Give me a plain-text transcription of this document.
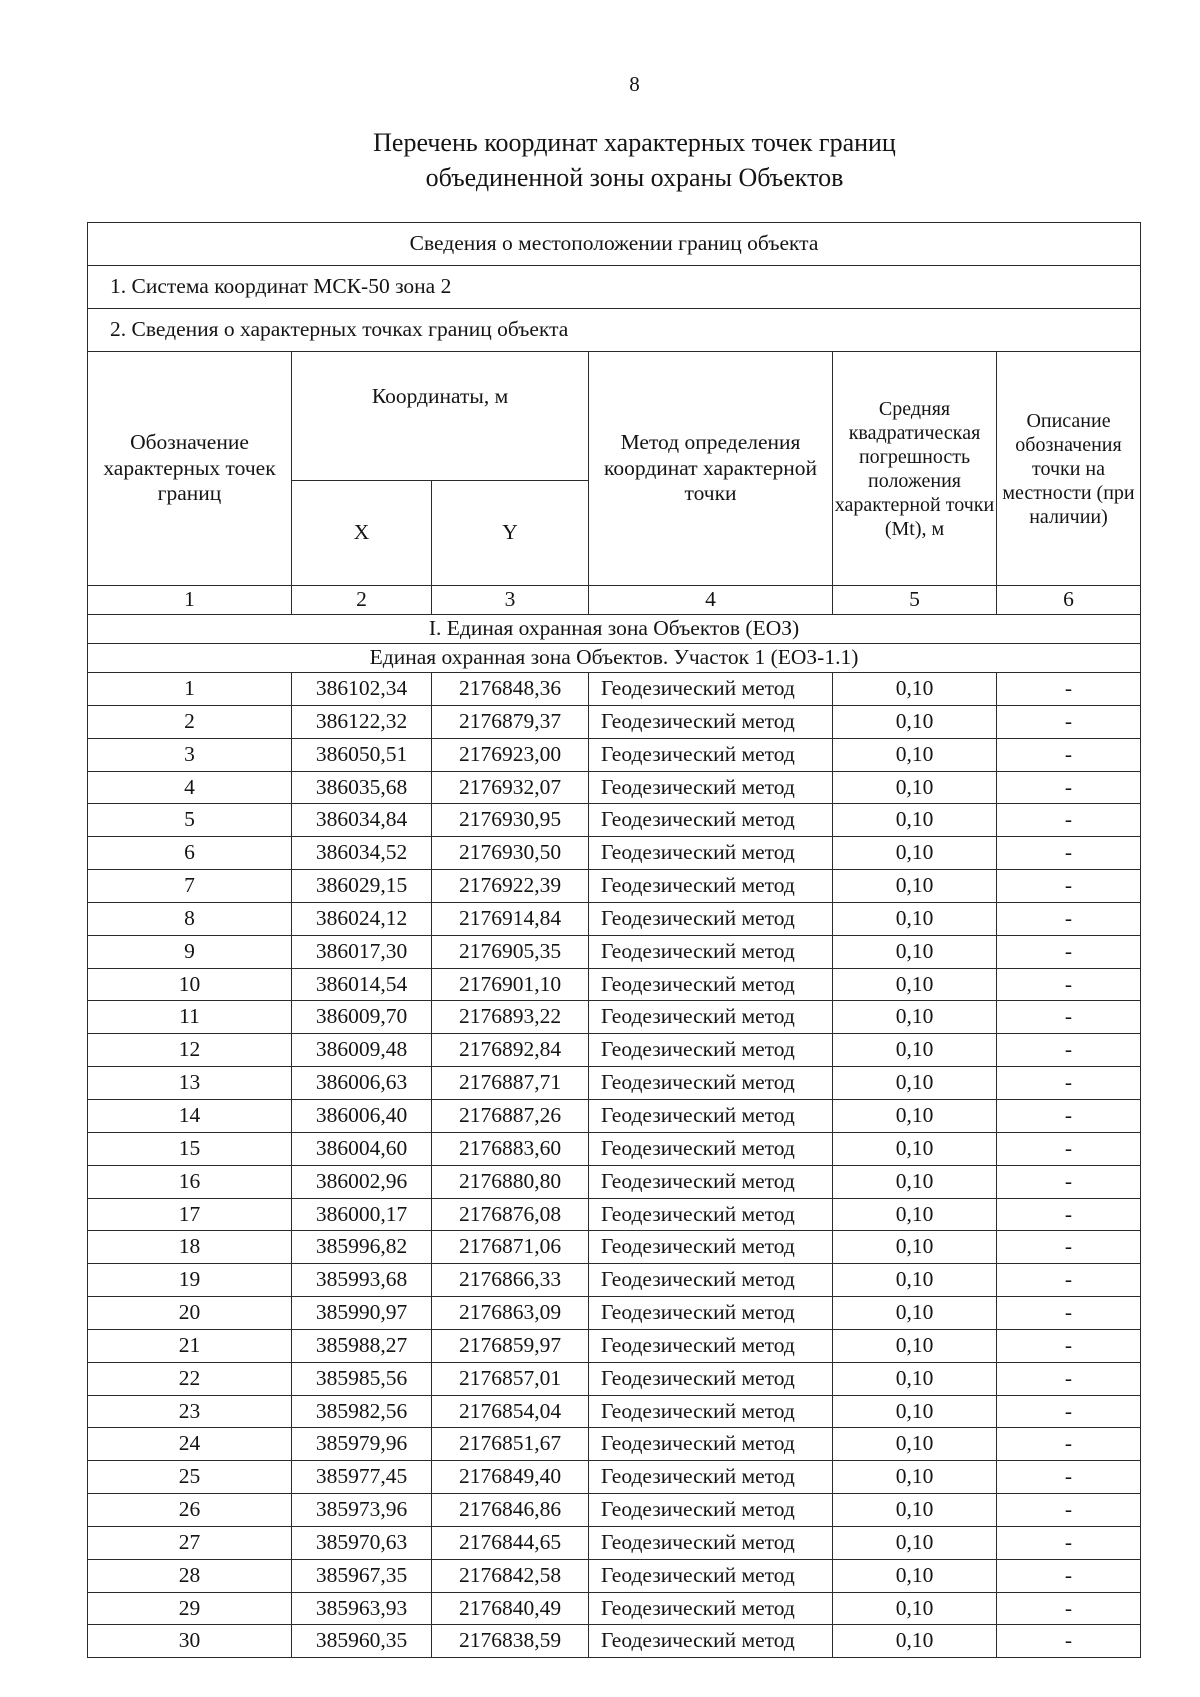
8
Перечень координат характерных точек границ
объединенной зоны охраны Объектов
Сведения о местоположении границ объекта					
1. Система координат МСК-50 зона 2					
2. Сведения о характерных точках границ объекта					
Обозначение характерных точек границ	Координаты, м		Метод определения координат характерной точки	Средняя квадратическая погрешность положения характерной точки (Mt), м	Описание обозначения точки на местности (при наличии)
	X	Y			
1	2	3	4	5	6
I. Единая охранная зона Объектов (ЕОЗ)					
Единая охранная зона Объектов. Участок 1 (ЕОЗ-1.1)					
1	386102,34	2176848,36	Геодезический метод	0,10	-
2	386122,32	2176879,37	Геодезический метод	0,10	-
3	386050,51	2176923,00	Геодезический метод	0,10	-
4	386035,68	2176932,07	Геодезический метод	0,10	-
5	386034,84	2176930,95	Геодезический метод	0,10	-
6	386034,52	2176930,50	Геодезический метод	0,10	-
7	386029,15	2176922,39	Геодезический метод	0,10	-
8	386024,12	2176914,84	Геодезический метод	0,10	-
9	386017,30	2176905,35	Геодезический метод	0,10	-
10	386014,54	2176901,10	Геодезический метод	0,10	-
11	386009,70	2176893,22	Геодезический метод	0,10	-
12	386009,48	2176892,84	Геодезический метод	0,10	-
13	386006,63	2176887,71	Геодезический метод	0,10	-
14	386006,40	2176887,26	Геодезический метод	0,10	-
15	386004,60	2176883,60	Геодезический метод	0,10	-
16	386002,96	2176880,80	Геодезический метод	0,10	-
17	386000,17	2176876,08	Геодезический метод	0,10	-
18	385996,82	2176871,06	Геодезический метод	0,10	-
19	385993,68	2176866,33	Геодезический метод	0,10	-
20	385990,97	2176863,09	Геодезический метод	0,10	-
21	385988,27	2176859,97	Геодезический метод	0,10	-
22	385985,56	2176857,01	Геодезический метод	0,10	-
23	385982,56	2176854,04	Геодезический метод	0,10	-
24	385979,96	2176851,67	Геодезический метод	0,10	-
25	385977,45	2176849,40	Геодезический метод	0,10	-
26	385973,96	2176846,86	Геодезический метод	0,10	-
27	385970,63	2176844,65	Геодезический метод	0,10	-
28	385967,35	2176842,58	Геодезический метод	0,10	-
29	385963,93	2176840,49	Геодезический метод	0,10	-
30	385960,35	2176838,59	Геодезический метод	0,10	-
